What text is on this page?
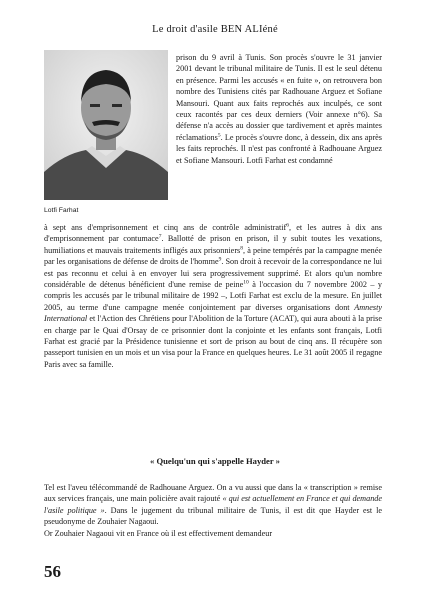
Le droit d'asile BEN ALIéné
Lotfi Farhat

prison du 9 avril à Tunis. Son procès s'ouvre le 31 janvier 2001 devant le tribunal militaire de Tunis. Il est le seul détenu en présence. Parmi les accusés « en fuite », on retrouvera bon nombre des Tunisiens cités par Radhouane Arguez et Sofiane Mansouri. Quant aux faits reprochés aux inculpés, ce sont ceux racontés par ces deux derniers (Voir annexe n°6). Sa défense n'a accès au dossier que tardivement et après maintes réclamations$^5$. Le procès s'ouvre donc, à dessein, dix ans après les faits reprochés. Il n'est pas confronté à Radhouane Arguez et Sofiane Mansouri. Lotfi Farhat est condamné

à sept ans d'emprisonnement et cinq ans de contrôle administratif$^6$, et les autres à dix ans d'emprisonnement par contumace$^7$. Ballotté de prison en prison, il y subit toutes les vexations, humiliations et mauvais traitements infligés aux prisonniers$^8$, à peine tempérés par la campagne menée par les organisations de défense de droits de l'homme$^9$. Son droit à recevoir de la correspondance ne lui est pas reconnu et celui à en envoyer lui sera progressivement supprimé. Et alors qu'un nombre considérable de détenus bénéficient d'une remise de peine$^{10}$ à l'occasion du 7 novembre 2002 – y compris les accusés par le tribunal militaire de 1992 –, Lotfi Farhat est exclu de la mesure. En juillet 2005, au terme d'une campagne menée conjointement par diverses organisations dont Amnesty International et l'Action des Chrétiens pour l'Abolition de la Torture (ACAT), qui aura abouti à la prise en charge par le Quai d'Orsay de ce prisonnier dont la conjointe et les enfants sont français, Lotfi Farhat est gracié par la Présidence tunisienne et sort de prison au bout de cinq ans. Il récupère son passeport tunisien en un mois et un visa pour la France en quelques heures. Le 31 août 2005 il regagne Paris avec sa famille.

« Quelqu'un qui s'appelle Hayder »

Tel est l'aveu télécommandé de Radhouane Arguez. On a vu aussi que dans la « transcription » remise aux services français, une main policière avait rajouté « qui est actuellement en France et qui demande l'asile politique ». Dans le jugement du tribunal militaire de Tunis, il est dit que Hayder est le pseudonyme de Zouhaier Nagaoui.

Or Zouhaier Nagaoui vit en France où il est effectivement demandeur

56
